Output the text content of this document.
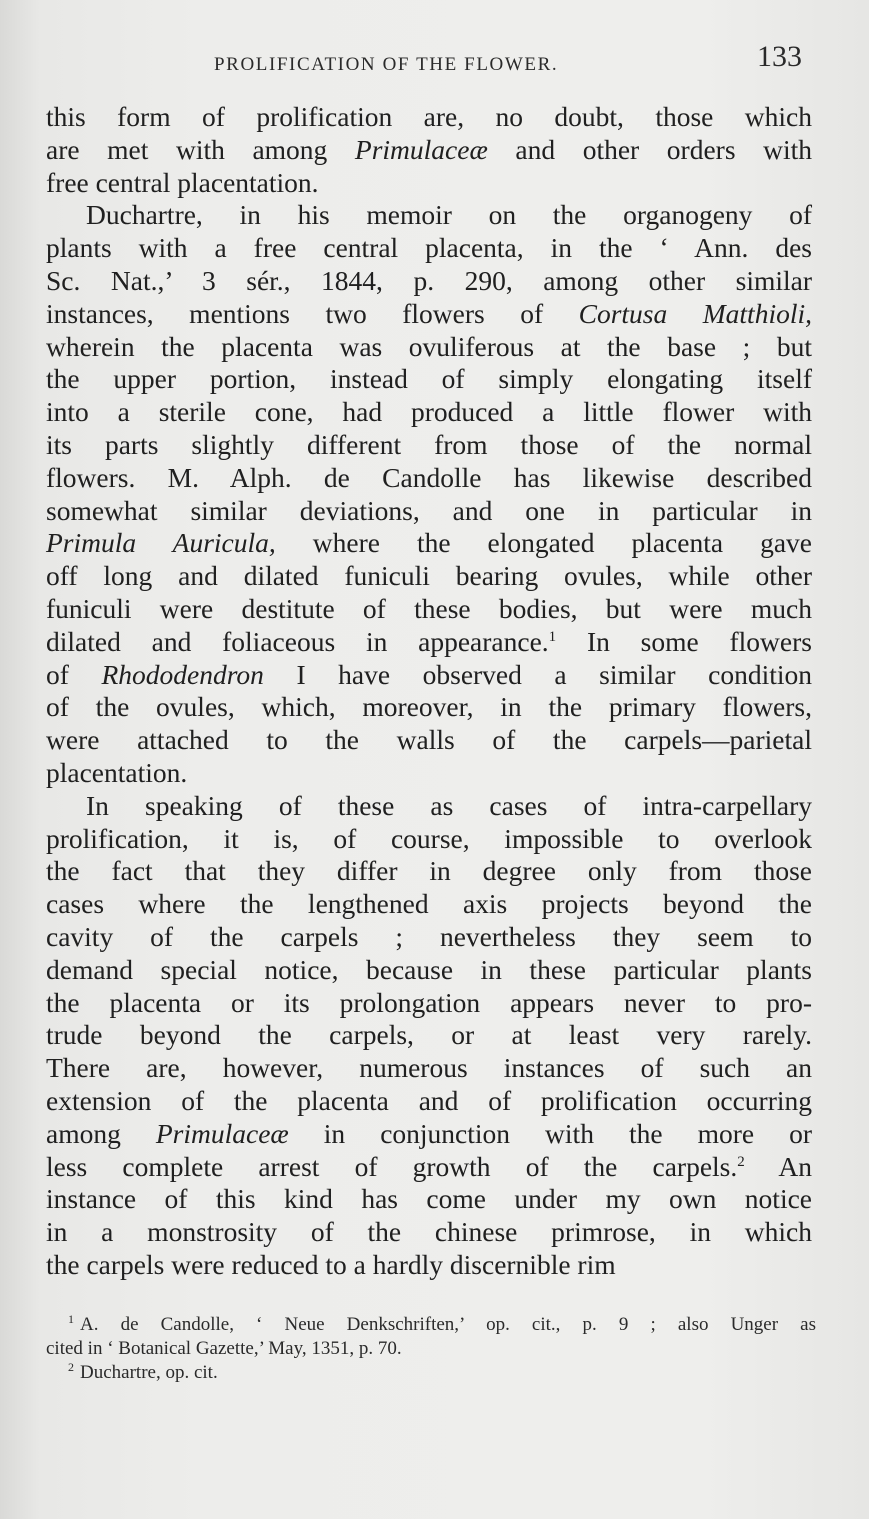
PROLIFICATION OF THE FLOWER.	133
this form of prolification are, no doubt, those which
are met with among Primulaceæ and other orders with
free central placentation.
Duchartre, in his memoir on the organogeny of
plants with a free central placenta, in the ‘ Ann. des
Sc. Nat.,’ 3 sér., 1844, p. 290, among other similar
instances, mentions two flowers of Cortusa Matthioli,
wherein the placenta was ovuliferous at the base ; but
the upper portion, instead of simply elongating itself
into a sterile cone, had produced a little flower with
its parts slightly different from those of the normal
flowers. M. Alph. de Candolle has likewise described
somewhat similar deviations, and one in particular in
Primula Auricula, where the elongated placenta gave
off long and dilated funiculi bearing ovules, while other
funiculi were destitute of these bodies, but were much
dilated and foliaceous in appearance.$^1$ In some flowers
of Rhododendron I have observed a similar condition
of the ovules, which, moreover, in the primary flowers,
were attached to the walls of the carpels—parietal
placentation.
In speaking of these as cases of intra-carpellary
prolification, it is, of course, impossible to overlook
the fact that they differ in degree only from those
cases where the lengthened axis projects beyond the
cavity of the carpels ; nevertheless they seem to
demand special notice, because in these particular plants
the placenta or its prolongation appears never to pro-
trude beyond the carpels, or at least very rarely.
There are, however, numerous instances of such an
extension of the placenta and of prolification occurring
among Primulaceæ in conjunction with the more or
less complete arrest of growth of the carpels.$^2$ An
instance of this kind has come under my own notice
in a monstrosity of the chinese primrose, in which
the carpels were reduced to a hardly discernible rim
$^1$ A. de Candolle, ‘ Neue Denkschriften,’ op. cit., p. 9 ; also Unger as
cited in ‘ Botanical Gazette,’ May, 1351, p. 70.
$^2$ Duchartre, op. cit.
